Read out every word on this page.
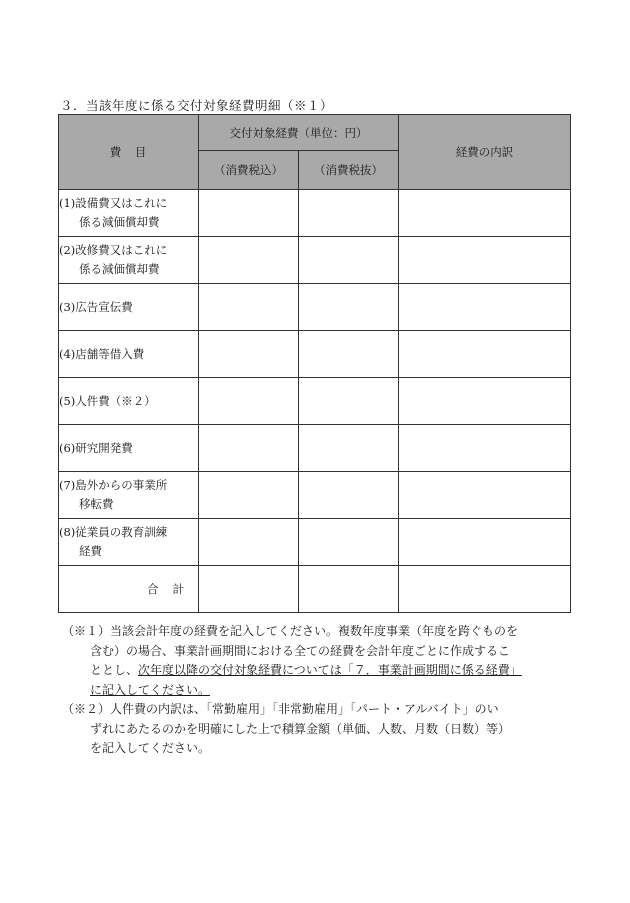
３．当該年度に係る交付対象経費明細（※１）
費　目	交付対象経費（単位：円）		経費の内訳
	（消費税込）	（消費税抜）	
(1)設備費又はこれに
係る減価償却費			

(2)改修費又はこれに
係る減価償却費			

(3)広告宣伝費			
(4)店舗等借入費			
(5)人件費（※２）			
(6)研究開発費			
(7)島外からの事業所
移転費			

(8)従業員の教育訓練
経費			

合計			
（※１）当該会計年度の経費を記入してください。複数年度事業（年度を跨ぐものを
含む）の場合、事業計画期間における全ての経費を会計年度ごとに作成するこ
ととし、次年度以降の交付対象経費については「７．事業計画期間に係る経費」
に記入してください。
（※２）人件費の内訳は、「常勤雇用」「非常勤雇用」「パート・アルバイト」のい
ずれにあたるのかを明確にした上で積算金額（単価、人数、月数（日数）等）
を記入してください。
